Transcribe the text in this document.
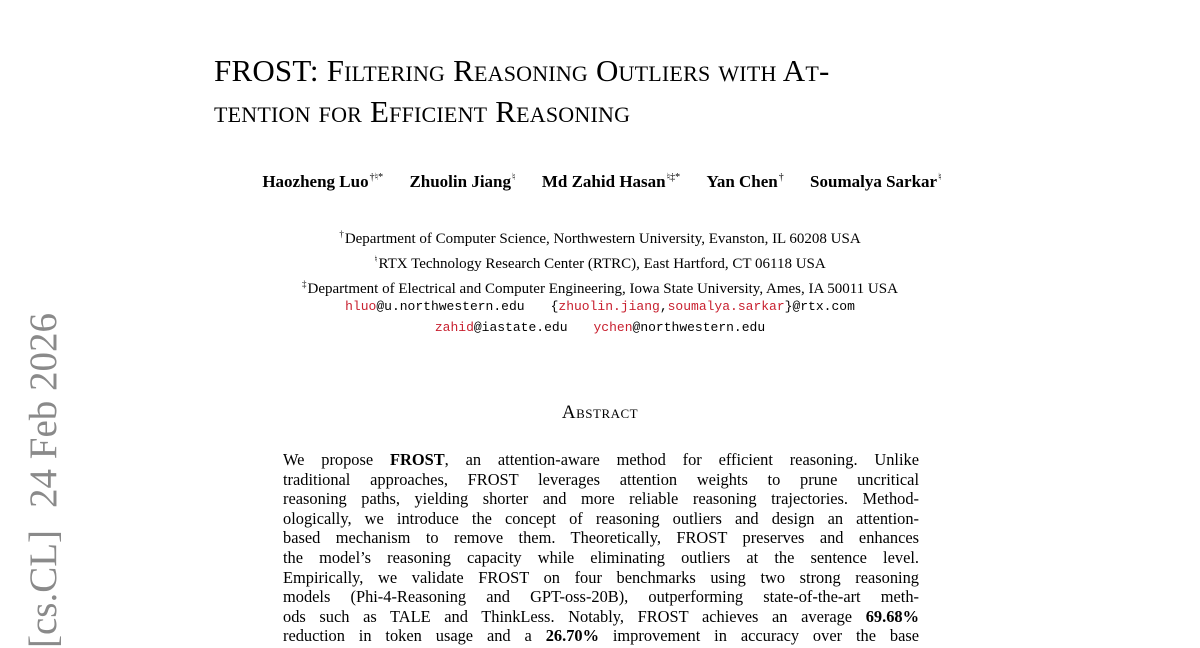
FROST: Filtering Reasoning Outliers with At-
tention for Efficient Reasoning
Haozheng Luo†♮* Zhuolin Jiang♮ Md Zahid Hasan♮‡* Yan Chen† Soumalya Sarkar♮
†Department of Computer Science, Northwestern University, Evanston, IL 60208 USA
♮RTX Technology Research Center (RTRC), East Hartford, CT 06118 USA
‡Department of Electrical and Computer Engineering, Iowa State University, Ames, IA 50011 USA
hluo@u.northwestern.edu {zhuolin.jiang,soumalya.sarkar}@rtx.com
zahid@iastate.edu ychen@northwestern.edu
Abstract
We propose FROST, an attention-aware method for efficient reasoning. Unlike
traditional approaches, FROST leverages attention weights to prune uncritical
reasoning paths, yielding shorter and more reliable reasoning trajectories. Method-
ologically, we introduce the concept of reasoning outliers and design an attention-
based mechanism to remove them. Theoretically, FROST preserves and enhances
the model’s reasoning capacity while eliminating outliers at the sentence level.
Empirically, we validate FROST on four benchmarks using two strong reasoning
models (Phi-4-Reasoning and GPT-oss-20B), outperforming state-of-the-art meth-
ods such as TALE and ThinkLess. Notably, FROST achieves an average 69.68%
reduction in token usage and a 26.70% improvement in accuracy over the base
[cs.CL]24 Feb 2026
